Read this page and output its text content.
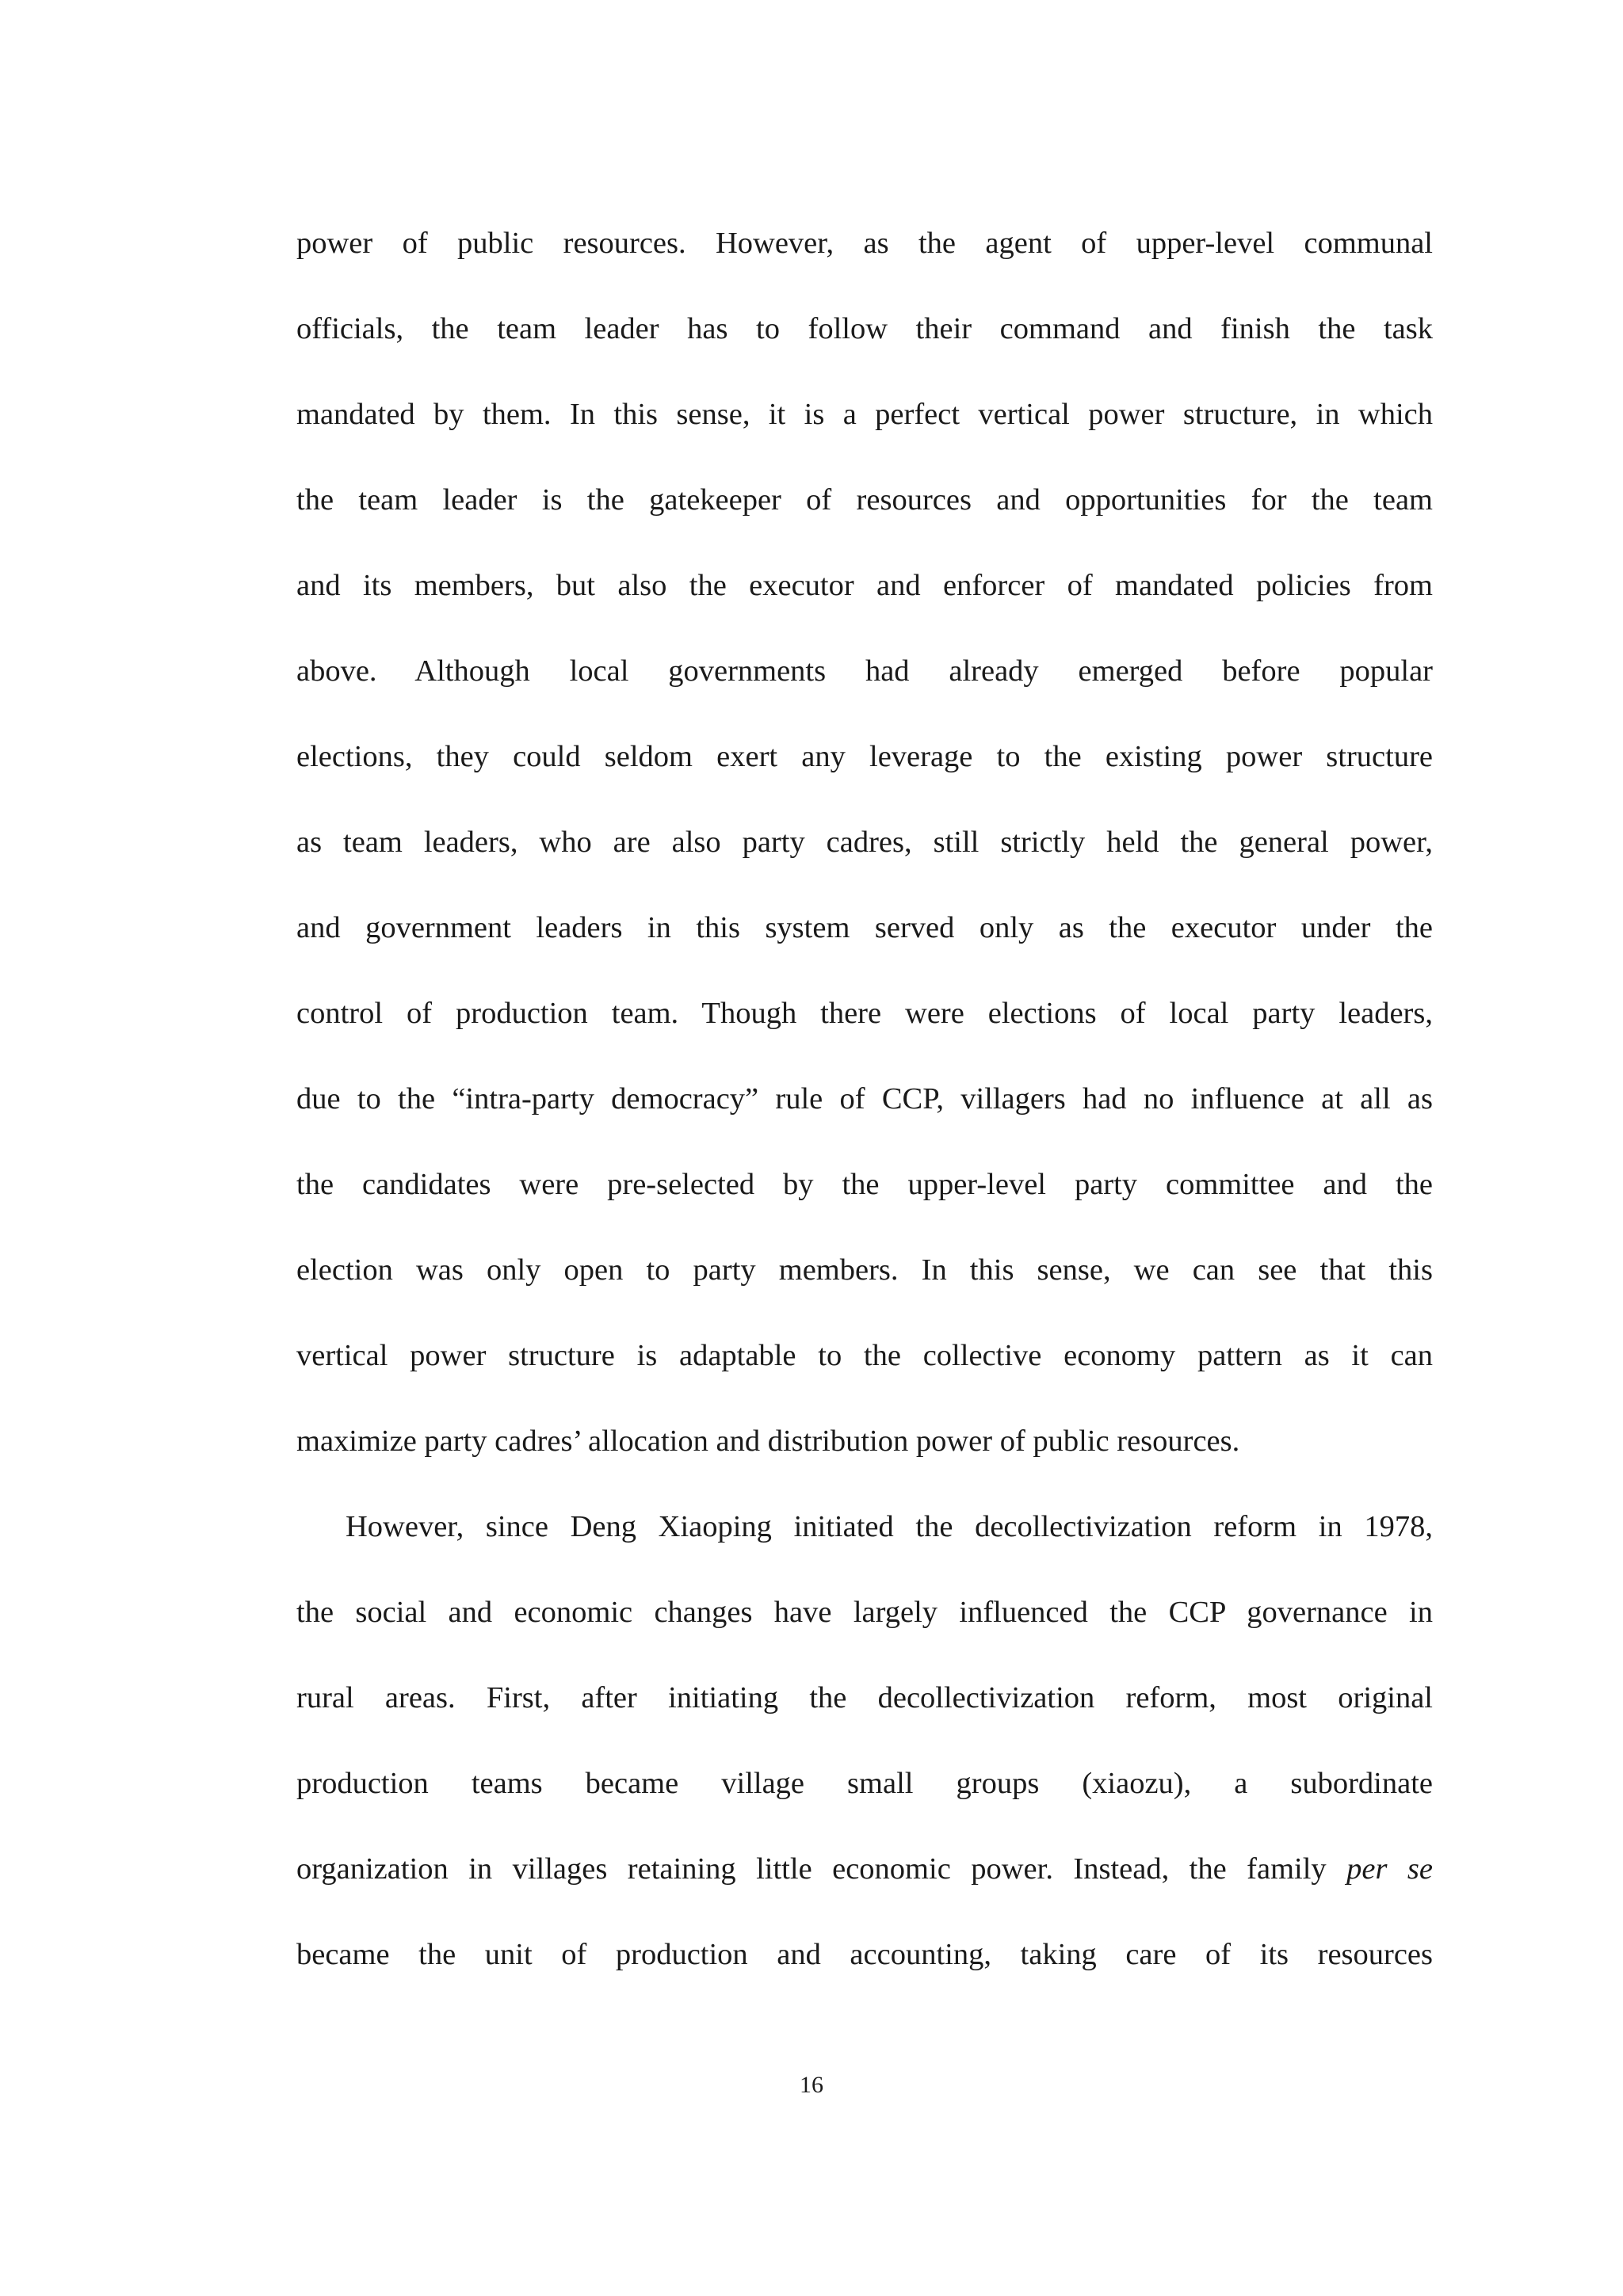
power of public resources. However, as the agent of upper-level communal
officials, the team leader has to follow their command and finish the task
mandated by them. In this sense, it is a perfect vertical power structure, in which
the team leader is the gatekeeper of resources and opportunities for the team
and its members, but also the executor and enforcer of mandated policies from
above. Although local governments had already emerged before popular
elections, they could seldom exert any leverage to the existing power structure
as team leaders, who are also party cadres, still strictly held the general power,
and government leaders in this system served only as the executor under the
control of production team. Though there were elections of local party leaders,
due to the “intra-party democracy” rule of CCP, villagers had no influence at all as
the candidates were pre-selected by the upper-level party committee and the
election was only open to party members. In this sense, we can see that this
vertical power structure is adaptable to the collective economy pattern as it can
maximize party cadres’ allocation and distribution power of public resources.
However, since Deng Xiaoping initiated the decollectivization reform in 1978,
the social and economic changes have largely influenced the CCP governance in
rural areas. First, after initiating the decollectivization reform, most original
production teams became village small groups (xiaozu), a subordinate
organization in villages retaining little economic power. Instead, the family per se
became the unit of production and accounting, taking care of its resources
16
